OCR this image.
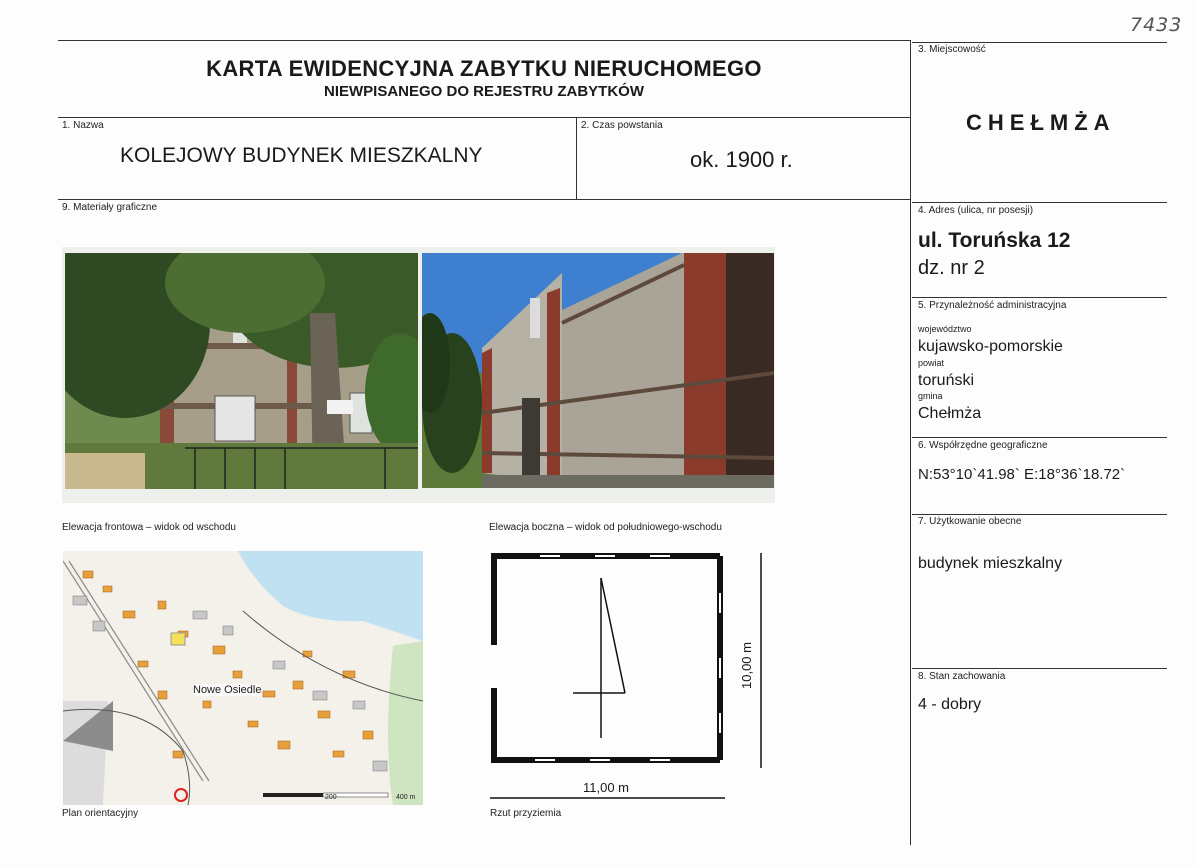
7433
KARTA EWIDENCYJNA ZABYTKU NIERUCHOMEGO
NIEWPISANEGO DO REJESTRU ZABYTKÓW
1. Nazwa
KOLEJOWY BUDYNEK MIESZKALNY
2. Czas powstania
ok. 1900 r.
9. Materiały graficzne
3. Miejscowość
CHEŁMŻA
4. Adres (ulica, nr posesji)
ul. Toruńska 12
dz. nr 2
5. Przynależność administracyjna
województwo
kujawsko-pomorskie
powiat
toruński
gmina
Chełmża
6. Współrzędne geograficzne
N:53°10`41.98` E:18°36`18.72`
7. Użytkowanie obecne
budynek mieszkalny
8. Stan zachowania
4 - dobry
Elewacja frontowa – widok od wschodu	Elewacja boczna – widok od południowego-wschodu
Nowe Osiedle
200	400 m
11,00 m
10,00 m
Plan orientacyjny	Rzut przyziemia
